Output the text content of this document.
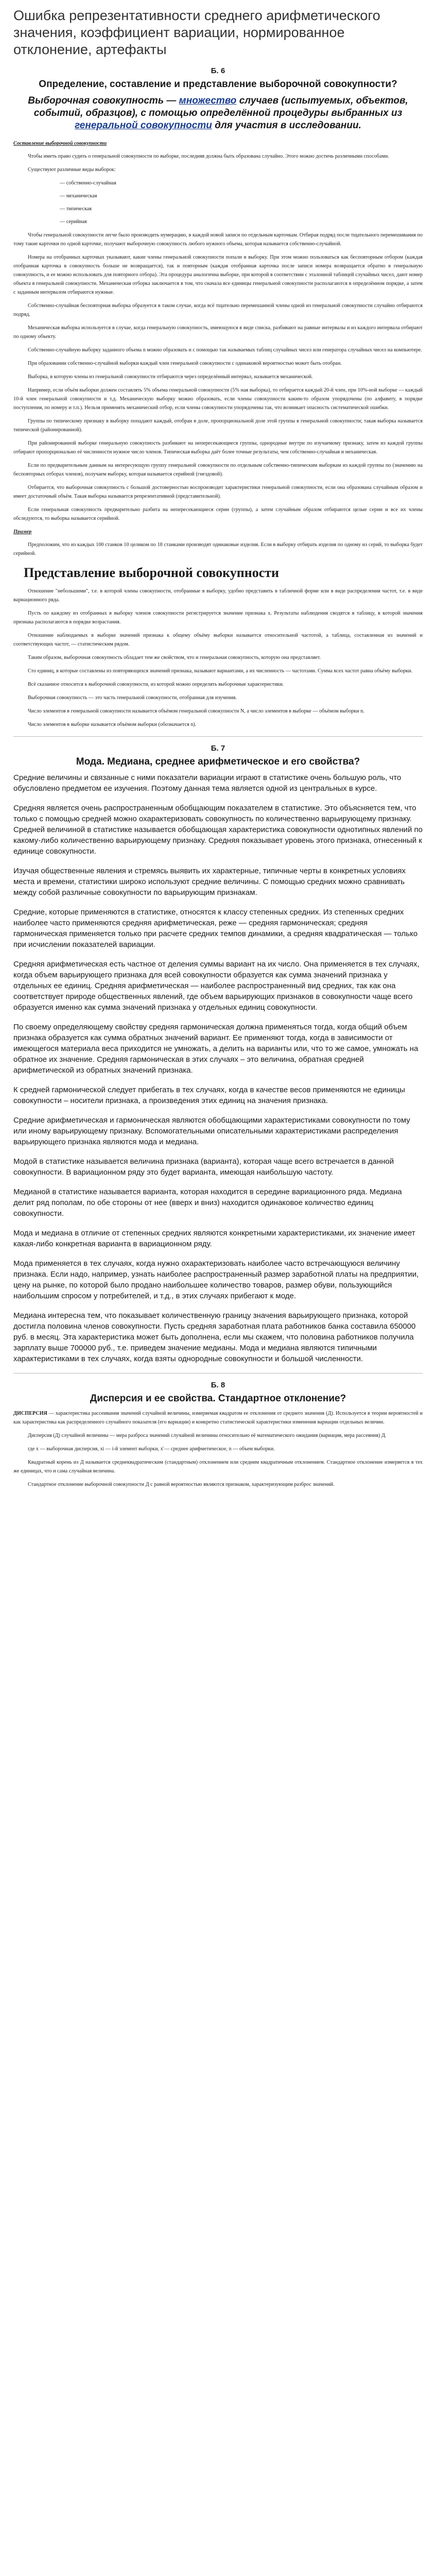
Ошибка репрезентативности среднего арифметического значения, коэффициент вариации, нормированное отклонение, артефакты
Б. 6
Определение, составление и представление выборочной совокупности?
Выборочная совокупность — множество случаев (испытуемых, объектов, событий, образцов), с помощью определённой процедуры выбранных из генеральной совокупности для участия в исследовании.

Составление выборочной совокупности

Чтобы иметь право судить о генеральной совокупности по выборке, последняя должна быть образована случайно. Этого можно достичь различными способами.

Существуют различные виды выборок:

— собственно-случайная
— механическая
— типическая
— серийная

Чтобы генеральной совокупности легче было производить нумерацию, в каждой новой записи по отдельным карточкам. Отбирая подряд после тщательного перемешивания по тому такие карточки по одной карточке, получают выборочную совокупность любого нужного объема, которая называется собственно-случайной.

Номера на отобранных карточках указывают, какие члены генеральной совокупности попали в выборку. При этом можно пользоваться как бесповторным отбором (каждая отобранная карточка в совокупность больше не возвращается), так и повторным (каждая отобранная карточка после записи номера возвращается обратно в генеральную совокупность, и ее можно использовать для повторного отбора). Эта процедура аналогична выборке, при которой в соответствии с эталонной таблицей случайных чисел, дают номер объекта в генеральной совокупности. Механическая отборка заключается в том, что сначала все единицы генеральной совокупности располагаются в определённом порядке, а затем с заданным интервалом отбираются нужные.

Собственно-случайная бесповторная выборка образуется в таком случае, когда всё тщательно перемешанной члены одной из генеральной совокупности случайно отбираются подряд.

Механическая выборка используется в случае, когда генеральную совокупность, имеющуюся в виде списка, разбивают на равные интервалы и из каждого интервала отбирают по одному объекту.

Собственно-случайную выборку заданного объема n можно образовать и с помощью так называемых таблиц случайных чисел или генератора случайных чисел на компьютере.

При образовании собственно-случайной выборки каждый член генеральной совокупности с одинаковой вероятностью может быть отобран.

Выборка, в которую члены из генеральной совокупности отбираются через определённый интервал, называется механической.

Например, если объём выборки должен составлять 5% объема генеральной совокупности (5% ная выборка), то отбирается каждый 20-й член, при 10%-ной выборке — каждый 10-й член генеральной совокупности и т.д. Механическую выборку можно образовать, если члены совокупности каким-то образом упорядочены (по алфавиту, в порядке поступления, по номеру и т.п.). Нельзя применять механический отбор, если члены совокупности упорядочены так, что возникает опасность систематической ошибки.

Группы по типическому признаку в выборку попадают каждый, отобран в доле, пропорциональной доле этой группы в генеральной совокупности; такая выборка называется типической (районированной).

При районированной выборке генеральную совокупность разбивают на непересекающиеся группы, однородные внутри по изучаемому признаку, затем из каждой группы отбирают пропорционально её численности нужное число членов. Типическая выборка даёт более точные результаты, чем собственно-случайная и механическая.

Если по предварительным данным на интересующую группу генеральной совокупности по отдельным собственно-типическим выборкам из каждой группы по (значению на бесповторных отборах членов), получаем выборку, которая называется серийной (гнездовой).

Отбирается, что выборочная совокупность с большой достоверностью воспроизводит характеристики генеральной совокупности, если она образована случайным образом и имеет достаточный объём. Такая выборка называется репрезентативной (представительной).

Если генеральная совокупность предварительно разбита на непересекающиеся серии (группы), а затем случайным образом отбираются целые серии и все их члены обследуются, то выборка называется серийной.

Пример

Предположим, что из каждых 100 станков 10 целиком по 18 станками производят одинаковые изделия. Если в выборку отбирать изделия по одному из серий, то выборка будет серийной.

Представление выборочной совокупности

Отношение "небольшими", т.е. в которой члены совокупности, отобранные в выборку, удобно представить в табличной форме или в виде распределения частот, т.е. в виде вариационного ряда.

Пусть по каждому из отобранных в выборку членов совокупности регистрируется значение признака x. Результаты наблюдения сводятся в таблицу, в которой значения признака располагаются в порядке возрастания.

Отношение наблюдаемых в выборке значений признака к общему объёму выборки называется относительной частотой, а таблица, составленная из значений и соответствующих частот, — статистическим рядом.

Таким образом, выборочная совокупность обладает тем же свойством, что и генеральная совокупность, которую она представляет.

Сто единиц, в которые составлены из повторяющихся значений признака, называют вариантами, а их численность — частотами. Сумма всех частот равна объёму выборки.

Всё сказанное относится к выборочной совокупности, из которой можно определять выборочные характеристики.

Выборочная совокупность — это часть генеральной совокупности, отобранная для изучения.

Число элементов в генеральной совокупности называется объёмом генеральной совокупности N, а число элементов в выборке — объёмом выборки n.

Число элементов в выборке называется объёмом выборки (обозначается n).

Б. 7
Мода. Медиана, среднее арифметическое и его свойства?

Средние величины и связанные с ними показатели вариации играют в статистике очень большую роль, что обусловлено предметом ее изучения. Поэтому данная тема является одной из центральных в курсе.

Средняя является очень распространенным обобщающим показателем в статистике. Это объясняется тем, что только с помощью средней можно охарактеризовать совокупность по количественно варьирующему признаку. Средней величиной в статистике называется обобщающая характеристика совокупности однотипных явлений по какому-либо количественно варьирующему признаку. Средняя показывает уровень этого признака, отнесенный к единице совокупности.

Изучая общественные явления и стремясь выявить их характерные, типичные черты в конкретных условиях места и времени, статистики широко используют средние величины. С помощью средних можно сравнивать между собой различные совокупности по варьирующим признакам.

Средние, которые применяются в статистике, относятся к классу степенных средних. Из степенных средних наиболее часто применяются средняя арифметическая, реже — средняя гармоническая; средняя гармоническая применяется только при расчете средних темпов динамики, а средняя квадратическая — только при исчислении показателей вариации.

Средняя арифметическая есть частное от деления суммы вариант на их число. Она применяется в тех случаях, когда объем варьирующего признака для всей совокупности образуется как сумма значений признака у отдельных ее единиц. Средняя арифметическая — наиболее распространенный вид средних, так как она соответствует природе общественных явлений, где объем варьирующих признаков в совокупности чаще всего образуется именно как сумма значений признака у отдельных единиц совокупности.

По своему определяющему свойству средняя гармоническая должна применяться тогда, когда общий объем признака образуется как сумма обратных значений вариант. Ее применяют тогда, когда в зависимости от имеющегося материала веса приходится не умножать, а делить на варианты или, что то же самое, умножать на обратное их значение. Средняя гармоническая в этих случаях – это величина, обратная средней арифметической из обратных значений признака.

К средней гармонической следует прибегать в тех случаях, когда в качестве весов применяются не единицы совокупности – носители признака, а произведения этих единиц на значения признака.

Средние арифметическая и гармоническая являются обобщающими характеристиками совокупности по тому или иному варьирующему признаку. Вспомогательными описательными характеристиками распределения варьирующего признака являются мода и медиана.

Модой в статистике называется величина признака (варианта), которая чаще всего встречается в данной совокупности. В вариационном ряду это будет варианта, имеющая наибольшую частоту.

Медианой в статистике называется варианта, которая находится в середине вариационного ряда. Медиана делит ряд пополам, по обе стороны от нее (вверх и вниз) находится одинаковое количество единиц совокупности.

Мода и медиана в отличие от степенных средних являются конкретными характеристиками, их значение имеет какая-либо конкретная варианта в вариационном ряду.

Мода применяется в тех случаях, когда нужно охарактеризовать наиболее часто встречающуюся величину признака. Если надо, например, узнать наиболее распространенный размер заработной платы на предприятии, цену на рынке, по которой было продано наибольшее количество товаров, размер обуви, пользующийся наибольшим спросом у потребителей, и т.д., в этих случаях прибегают к моде.

Медиана интересна тем, что показывает количественную границу значения варьирующего признака, которой достигла половина членов совокупности. Пусть средняя заработная плата работников банка составила 650000 руб. в месяц. Эта характеристика может быть дополнена, если мы скажем, что половина работников получила зарплату выше 700000 руб., т.е. приведем значение медианы. Мода и медиана являются типичными характеристиками в тех случаях, когда взяты однородные совокупности и большой численности.

Б. 8
Дисперсия и ее свойства. Стандартное отклонение?

ДИСПЕРСИЯ — характеристика рассеивания значений случайной величины, измеряемая квадратом ее отклонения от среднего значения (Д). Используется в теории вероятностей и как характеристика как распределенного случайного показателя (его вариации) и конкретно статистической характеристики изменения вариации отдельных величин.

Дисперсия (Д) случайной величины — мера разброса значений случайной величины относительно её математического ожидания (вариация, мера рассеяния) Д.

где x — выборочная дисперсия, хi — i-й элемент выборки, х̄ — среднее арифметическое, n — объем выборки.

Квадратный корень из Д называется среднеквадратическим (стандартным) отклонением или средним квадратичным отклонением. Стандартное отклонение измеряется в тех же единицах, что и сама случайная величина.

Стандартное отклонение выборочной совокупности Д с равной вероятностью являются признаком, характеризующим разброс значений.
